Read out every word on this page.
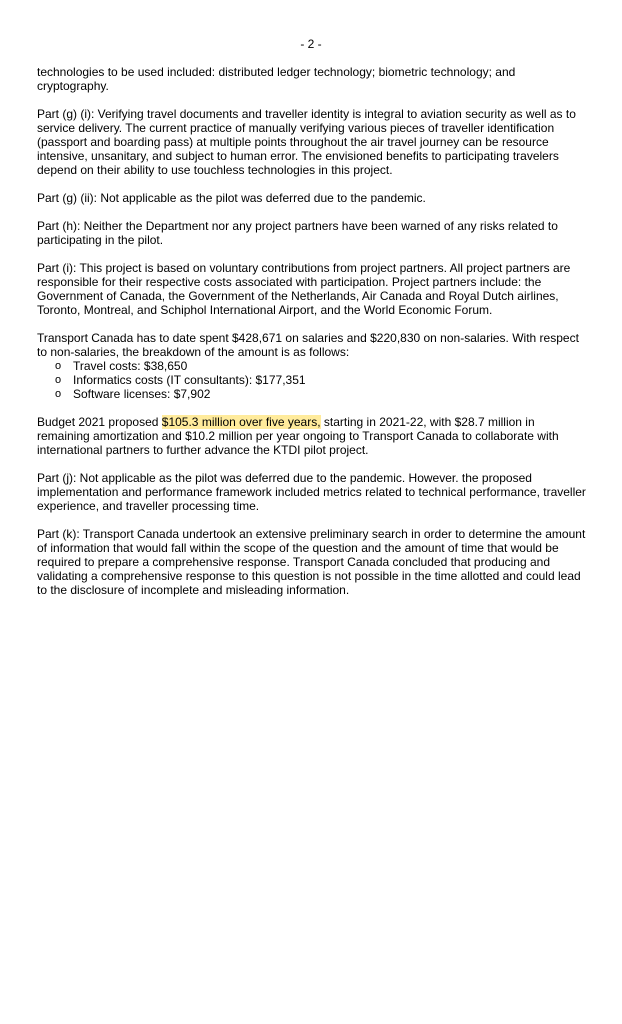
- 2 -

technologies to be used included: distributed ledger technology; biometric technology; and cryptography.

Part (g) (i): Verifying travel documents and traveller identity is integral to aviation security as well as to service delivery. The current practice of manually verifying various pieces of traveller identification (passport and boarding pass) at multiple points throughout the air travel journey can be resource intensive, unsanitary, and subject to human error. The envisioned benefits to participating travelers depend on their ability to use touchless technologies in this project.

Part (g) (ii): Not applicable as the pilot was deferred due to the pandemic.

Part (h): Neither the Department nor any project partners have been warned of any risks related to participating in the pilot.

Part (i): This project is based on voluntary contributions from project partners. All project partners are responsible for their respective costs associated with participation. Project partners include: the Government of Canada, the Government of the Netherlands, Air Canada and Royal Dutch airlines, Toronto, Montreal, and Schiphol International Airport, and the World Economic Forum.

Transport Canada has to date spent $428,671 on salaries and $220,830 on non-salaries. With respect to non-salaries, the breakdown of the amount is as follows:

o Travel costs: $38,650
o Informatics costs (IT consultants): $177,351
o Software licenses: $7,902

Budget 2021 proposed $105.3 million over five years, starting in 2021-22, with $28.7 million in remaining amortization and $10.2 million per year ongoing to Transport Canada to collaborate with international partners to further advance the KTDI pilot project.

Part (j): Not applicable as the pilot was deferred due to the pandemic. However. the proposed implementation and performance framework included metrics related to technical performance, traveller experience, and traveller processing time.

Part (k): Transport Canada undertook an extensive preliminary search in order to determine the amount of information that would fall within the scope of the question and the amount of time that would be required to prepare a comprehensive response. Transport Canada concluded that producing and validating a comprehensive response to this question is not possible in the time allotted and could lead to the disclosure of incomplete and misleading information.
